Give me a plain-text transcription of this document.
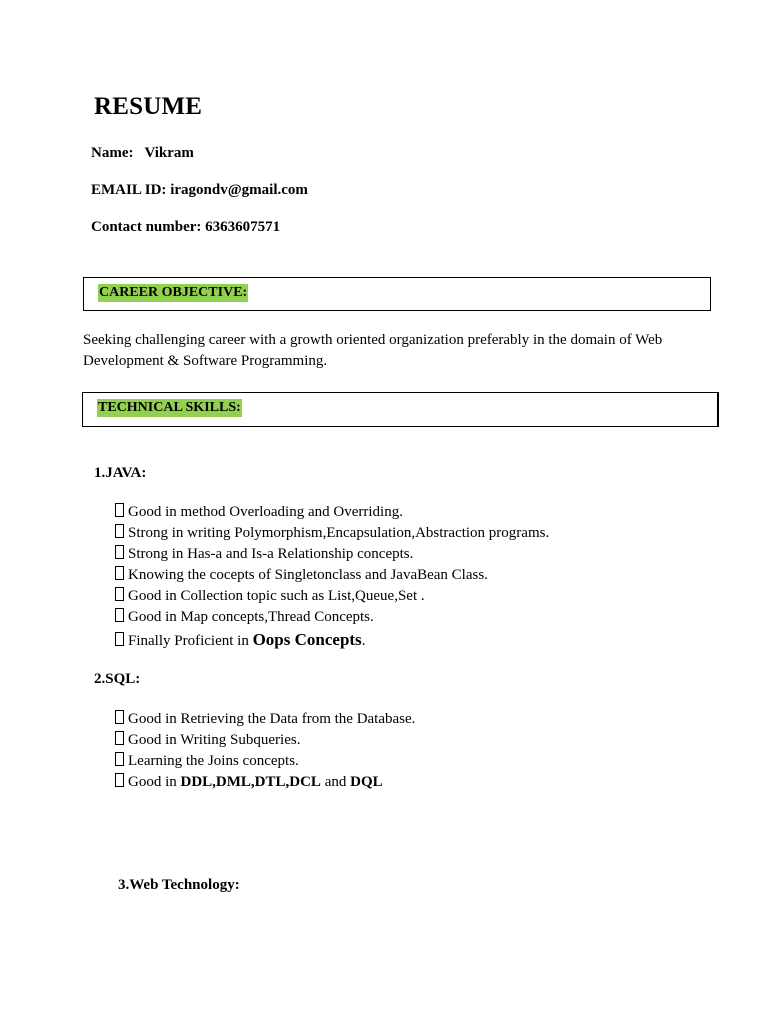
RESUME
Name: Vikram
EMAIL ID: iragondv@gmail.com
Contact number: 6363607571
CAREER OBJECTIVE:
Seeking challenging career with a growth oriented organization preferably in the domain of Web Development & Software Programming.
TECHNICAL SKILLS:
1.JAVA:
Good in method Overloading and Overriding.
Strong in writing Polymorphism,Encapsulation,Abstraction programs.
Strong in Has-a and Is-a Relationship concepts.
Knowing the cocepts of Singletonclass and JavaBean Class.
Good in Collection topic such as List,Queue,Set .
Good in Map concepts,Thread Concepts.
Finally Proficient in Oops Concepts.
2.SQL:
Good in Retrieving the Data from the Database.
Good in Writing Subqueries.
Learning the Joins concepts.
Good in DDL,DML,DTL,DCL and DQL
3.Web Technology:
